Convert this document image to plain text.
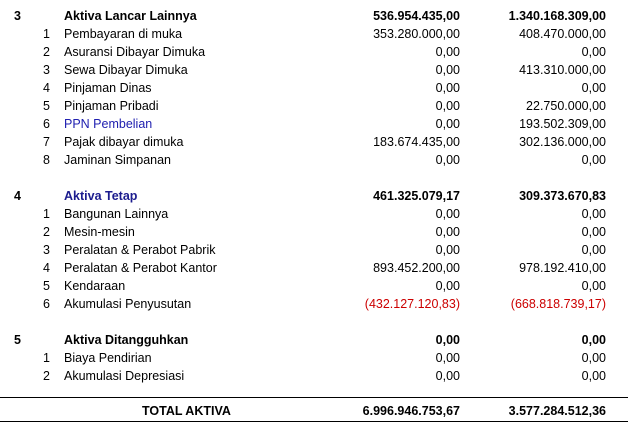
3	Aktiva Lancar Lainnya	536.954.435,00	1.340.168.309,00
1 Pembayaran di muka	353.280.000,00	408.470.000,00
2 Asuransi Dibayar Dimuka	0,00	0,00
3 Sewa Dibayar Dimuka	0,00	413.310.000,00
4 Pinjaman Dinas	0,00	0,00
5 Pinjaman Pribadi	0,00	22.750.000,00
6 PPN Pembelian	0,00	193.502.309,00
7 Pajak dibayar dimuka	183.674.435,00	302.136.000,00
8 Jaminan Simpanan	0,00	0,00
4	Aktiva Tetap	461.325.079,17	309.373.670,83
1 Bangunan Lainnya	0,00	0,00
2 Mesin-mesin	0,00	0,00
3 Peralatan & Perabot Pabrik	0,00	0,00
4 Peralatan & Perabot Kantor	893.452.200,00	978.192.410,00
5 Kendaraan	0,00	0,00
6 Akumulasi Penyusutan	(432.127.120,83)	(668.818.739,17)
5	Aktiva Ditangguhkan	0,00	0,00
1 Biaya Pendirian	0,00	0,00
2 Akumulasi Depresiasi	0,00	0,00
TOTAL AKTIVA	6.996.946.753,67	3.577.284.512,36
